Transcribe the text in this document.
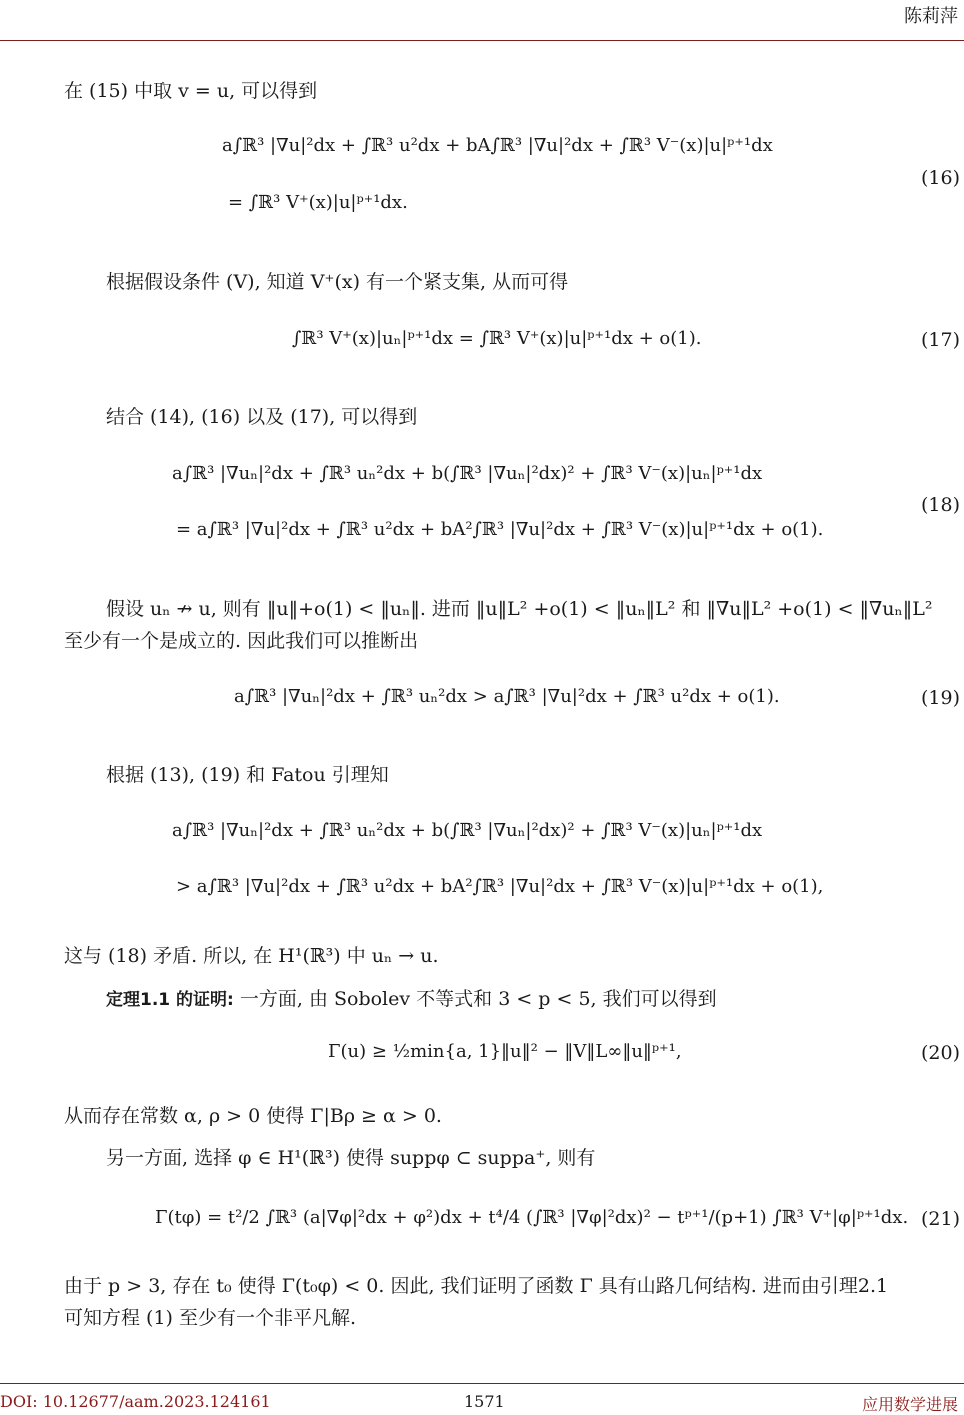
陈莉萍
在 (15) 中取 v = u, 可以得到
a∫ℝ³ |∇u|²dx + ∫ℝ³ u²dx + bA∫ℝ³ |∇u|²dx + ∫ℝ³ V⁻(x)|u|ᵖ⁺¹dx
= ∫ℝ³ V⁺(x)|u|ᵖ⁺¹dx.
(16)
根据假设条件 (V), 知道 V⁺(x) 有一个紧支集, 从而可得
∫ℝ³ V⁺(x)|uₙ|ᵖ⁺¹dx = ∫ℝ³ V⁺(x)|u|ᵖ⁺¹dx + o(1).	(17)
结合 (14), (16) 以及 (17), 可以得到
a∫ℝ³ |∇uₙ|²dx + ∫ℝ³ uₙ²dx + b(∫ℝ³ |∇uₙ|²dx)² + ∫ℝ³ V⁻(x)|uₙ|ᵖ⁺¹dx
= a∫ℝ³ |∇u|²dx + ∫ℝ³ u²dx + bA²∫ℝ³ |∇u|²dx + ∫ℝ³ V⁻(x)|u|ᵖ⁺¹dx + o(1).
(18)
假设 uₙ ↛ u, 则有 ‖u‖+o(1) < ‖uₙ‖. 进而 ‖u‖L² +o(1) < ‖uₙ‖L² 和 ‖∇u‖L² +o(1) < ‖∇uₙ‖L²
至少有一个是成立的. 因此我们可以推断出
a∫ℝ³ |∇uₙ|²dx + ∫ℝ³ uₙ²dx > a∫ℝ³ |∇u|²dx + ∫ℝ³ u²dx + o(1).	(19)
根据 (13), (19) 和 Fatou 引理知
a∫ℝ³ |∇uₙ|²dx + ∫ℝ³ uₙ²dx + b(∫ℝ³ |∇uₙ|²dx)² + ∫ℝ³ V⁻(x)|uₙ|ᵖ⁺¹dx
> a∫ℝ³ |∇u|²dx + ∫ℝ³ u²dx + bA²∫ℝ³ |∇u|²dx + ∫ℝ³ V⁻(x)|u|ᵖ⁺¹dx + o(1),
这与 (18) 矛盾. 所以, 在 H¹(ℝ³) 中 uₙ → u.
定理1.1 的证明: 一方面, 由 Sobolev 不等式和 3 < p < 5, 我们可以得到
Γ(u) ≥ ½min{a, 1}‖u‖² − ‖V‖L∞‖u‖ᵖ⁺¹,	(20)
从而存在常数 α, ρ > 0 使得 Γ|Bρ ≥ α > 0.
另一方面, 选择 φ ∈ H¹(ℝ³) 使得 suppφ ⊂ suppa⁺, 则有
Γ(tφ) = t²/2 ∫ℝ³ (a|∇φ|²dx + φ²)dx + t⁴/4 (∫ℝ³ |∇φ|²dx)² − tᵖ⁺¹/(p+1) ∫ℝ³ V⁺|φ|ᵖ⁺¹dx. (21)
由于 p > 3, 存在 t₀ 使得 Γ(t₀φ) < 0. 因此, 我们证明了函数 Γ 具有山路几何结构. 进而由引理2.1
可知方程 (1) 至少有一个非平凡解.
DOI: 10.12677/aam.2023.124161	1571	应用数学进展
